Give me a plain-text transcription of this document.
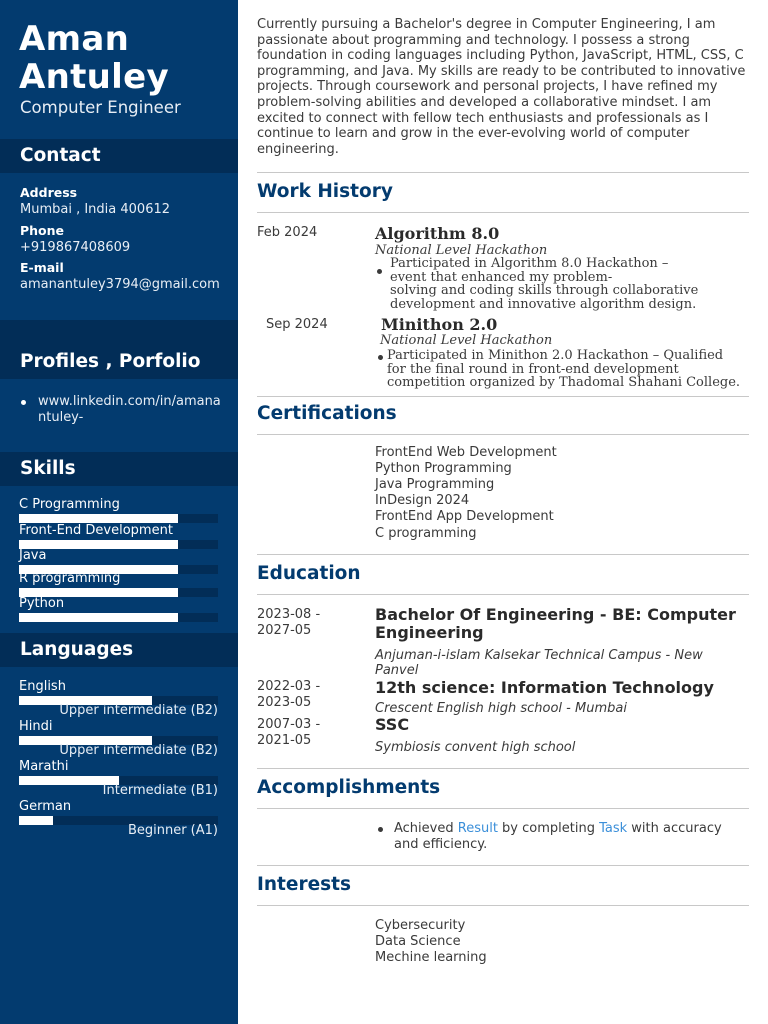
Aman
Antuley
Computer Engineer
Contact
Address
Mumbai , India 400612
Phone
+919867408609
E-mail
amanantuley3794@gmail.com
Profiles , Porfolio
www.linkedin.com/in/amanantuley-
Skills
C Programming
Front-End Development
Java
R programming
Python
Languages
English
Upper intermediate (B2)
Hindi
Upper intermediate (B2)
Marathi
Intermediate (B1)
German
Beginner (A1)
Currently pursuing a Bachelor's degree in Computer Engineering, I am passionate about programming and technology. I possess a strong foundation in coding languages including Python, JavaScript, HTML, CSS, C programming, and Java. My skills are ready to be contributed to innovative projects. Through coursework and personal projects, I have refined my problem-solving abilities and developed a collaborative mindset. I am excited to connect with fellow tech enthusiasts and professionals as I continue to learn and grow in the ever-evolving world of computer engineering.
Work History
Feb 2024	Algorithm 8.0
National Level Hackathon
Participated in Algorithm 8.0 Hackathon –
event that enhanced my problem-
solving and coding skills through collaborative
development and innovative algorithm design.
Sep 2024	Minithon 2.0
National Level Hackathon
Participated in Minithon 2.0 Hackathon – Qualified
for the final round in front-end development
competition organized by Thadomal Shahani College.
Certifications
FrontEnd Web Development
Python Programming
Java Programming
InDesign 2024
FrontEnd App Development
C programming
Education
2023-08 -
2027-05
Bachelor Of Engineering - BE: Computer Engineering
Anjuman-i-islam Kalsekar Technical Campus - New Panvel
2022-03 -
2023-05
12th science: Information Technology
Crescent English high school - Mumbai
2007-03 -
2021-05
SSC
Symbiosis convent high school
Accomplishments
Achieved Result by completing Task with accuracy and efficiency.
Interests
Cybersecurity
Data Science
Mechine learning
